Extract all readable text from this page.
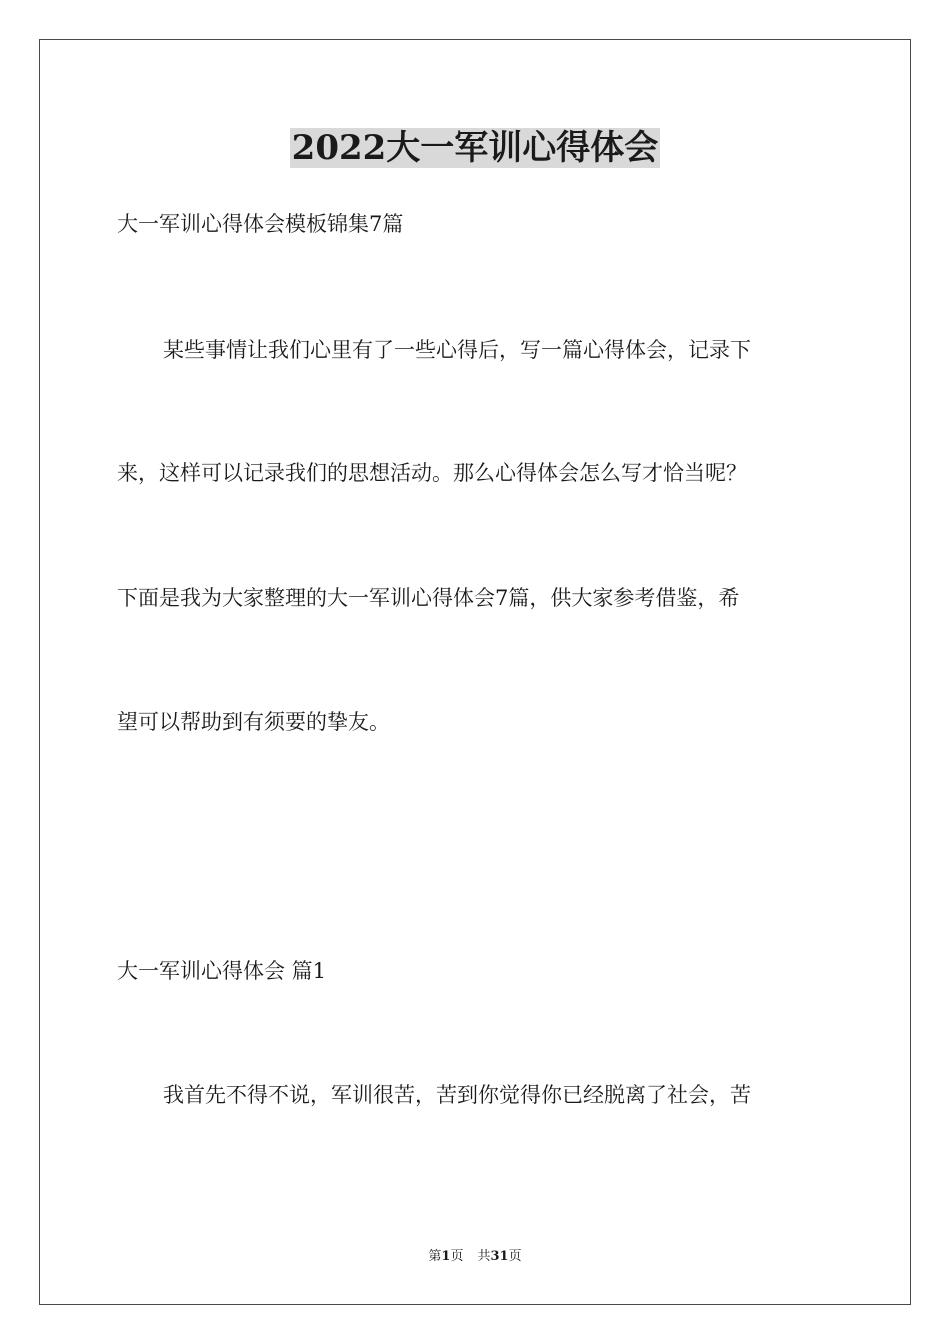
2022大一军训心得体会
大一军训心得体会模板锦集7篇
某些事情让我们心里有了一些心得后，写一篇心得体会，记录下
来，这样可以记录我们的思想活动。那么心得体会怎么写才恰当呢？
下面是我为大家整理的大一军训心得体会7篇，供大家参考借鉴，希
望可以帮助到有须要的挚友。
大一军训心得体会 篇1
我首先不得不说，军训很苦，苦到你觉得你已经脱离了社会，苦
第1页 共31页
